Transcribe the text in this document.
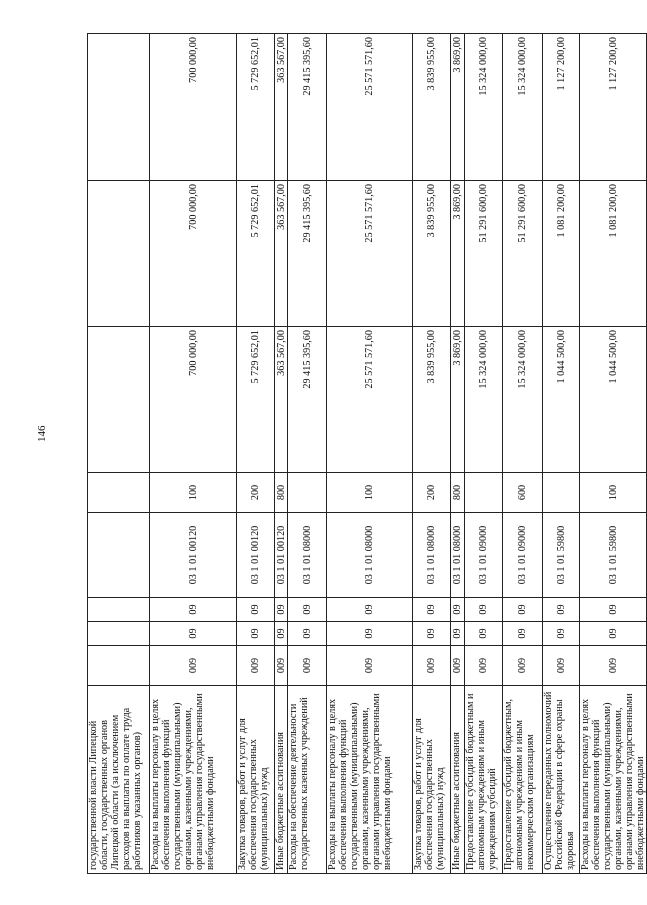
146
государственной власти Липецкой области, государственных органов Липецкой области (за исключением расходов на выплаты по оплате труда работников указанных органов)								
Расходы на выплаты персоналу в целях обеспечения выполнения функций государственными (муниципальными) органами, казенными учреждениями, органами управления государственными внебюджетными фондами	009	09	09	03 1 01 00120	100	700 000,00	700 000,00	700 000,00
Закупка товаров, работ и услуг для обеспечения государственных (муниципальных) нужд	009	09	09	03 1 01 00120	200	5 729 652,01	5 729 652,01	5 729 652,01
Иные бюджетные ассигнования	009	09	09	03 1 01 00120	800	363 567,00	363 567,00	363 567,00
Расходы на обеспечение деятельности государственных казенных учреждений	009	09	09	03 1 01 08000		29 415 395,60	29 415 395,60	29 415 395,60
Расходы на выплаты персоналу в целях обеспечения выполнения функций государственными (муниципальными) органами, казенными учреждениями, органами управления государственными внебюджетными фондами	009	09	09	03 1 01 08000	100	25 571 571,60	25 571 571,60	25 571 571,60
Закупка товаров, работ и услуг для обеспечения государственных (муниципальных) нужд	009	09	09	03 1 01 08000	200	3 839 955,00	3 839 955,00	3 839 955,00
Иные бюджетные ассигнования	009	09	09	03 1 01 08000	800	3 869,00	3 869,00	3 869,00
Предоставление субсидий бюджетным и автономным учреждениям и иным учреждениям субсидий	009	09	09	03 1 01 09000		15 324 000,00	51 291 600,00	15 324 000,00
Предоставление субсидий бюджетным, автономным учреждениям и иным некоммерческим организациям	009	09	09	03 1 01 09000	600	15 324 000,00	51 291 600,00	15 324 000,00
Осуществление переданных полномочий Российской Федерации в сфере охраны здоровья	009	09	09	03 1 01 59800		1 044 500,00	1 081 200,00	1 127 200,00
Расходы на выплаты персоналу в целях обеспечения выполнения функций государственными (муниципальными) органами, казенными учреждениями, органами управления государственными внебюджетными фондами	009	09	09	03 1 01 59800	100	1 044 500,00	1 081 200,00	1 127 200,00
